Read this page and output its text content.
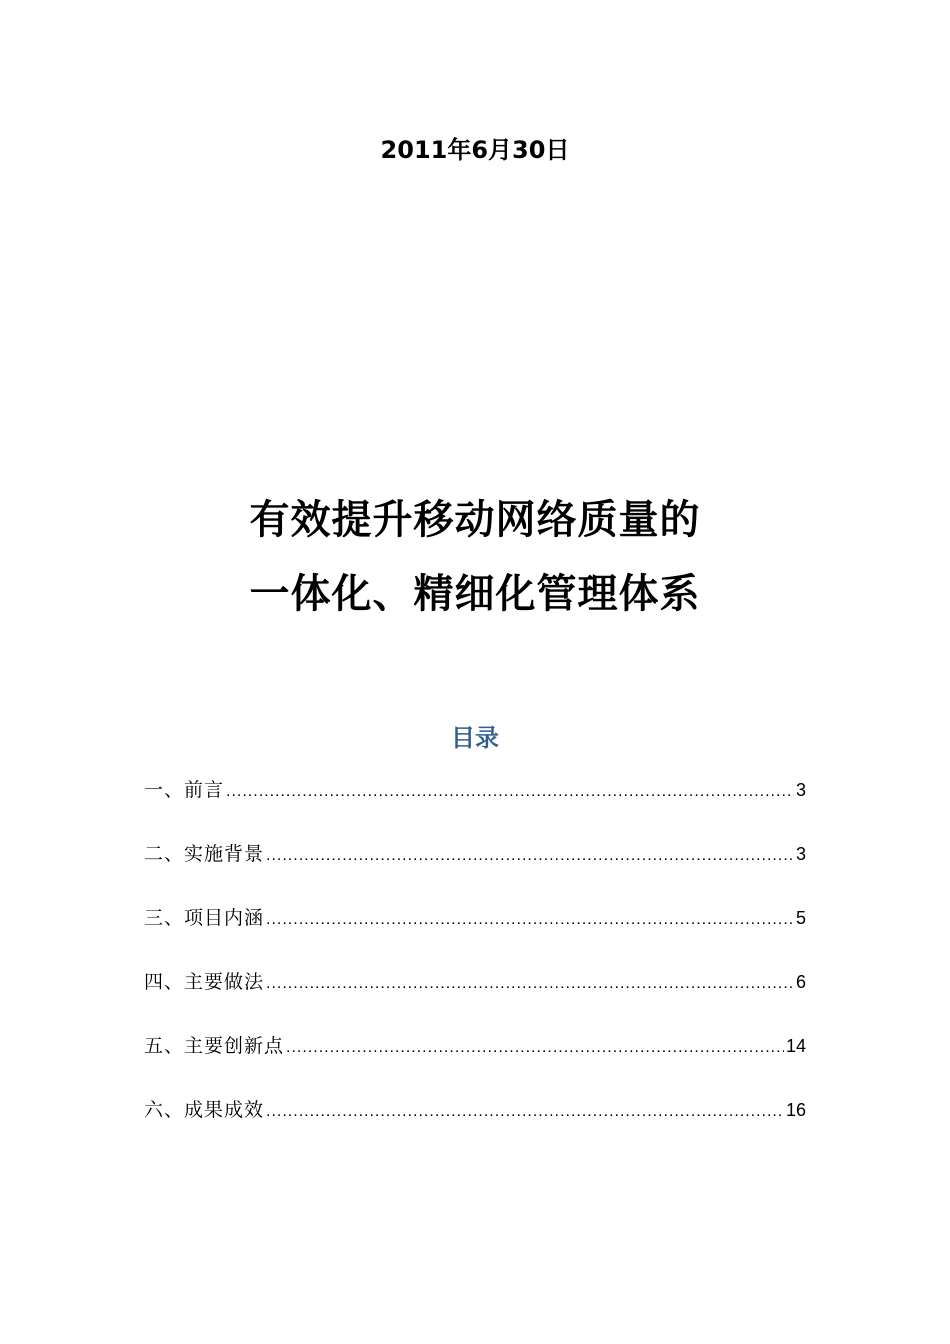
2011年6月30日
有效提升移动网络质量的
一体化、精细化管理体系
目录
一、前言 .....	3
二、实施背景 .....	3
三、项目内涵 .....	5
四、主要做法 .....	6
五、主要创新点 .....	14
六、成果成效 .....	16
